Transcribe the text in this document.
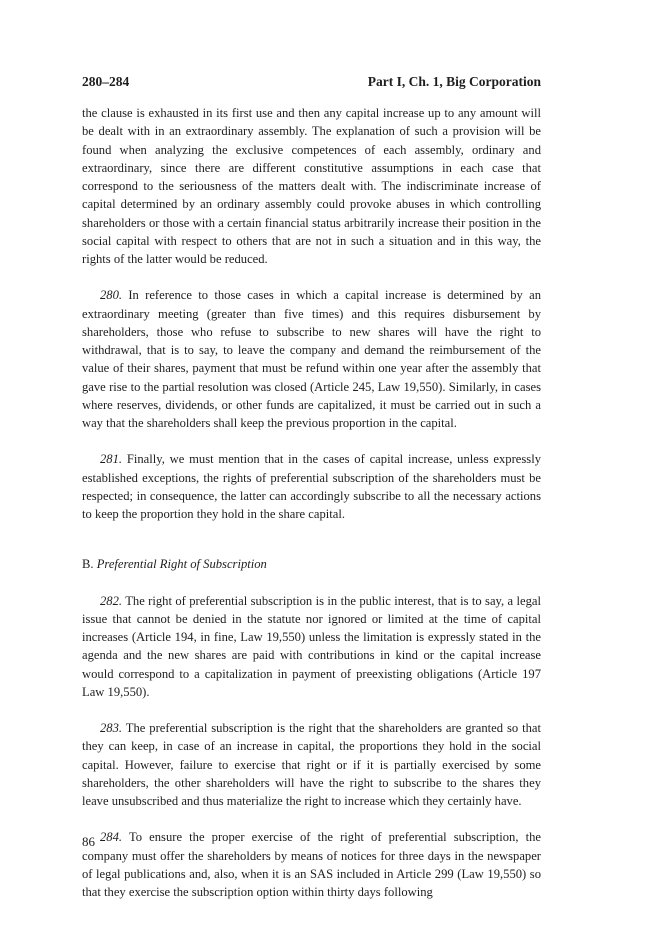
280–284	Part I, Ch. 1, Big Corporation

the clause is exhausted in its first use and then any capital increase up to any amount will be dealt with in an extraordinary assembly. The explanation of such a provision will be found when analyzing the exclusive competences of each assembly, ordinary and extraordinary, since there are different constitutive assumptions in each case that correspond to the seriousness of the matters dealt with. The indiscriminate increase of capital determined by an ordinary assembly could provoke abuses in which controlling shareholders or those with a certain financial status arbitrarily increase their position in the social capital with respect to others that are not in such a situation and in this way, the rights of the latter would be reduced.

280. In reference to those cases in which a capital increase is determined by an extraordinary meeting (greater than five times) and this requires disbursement by shareholders, those who refuse to subscribe to new shares will have the right to withdrawal, that is to say, to leave the company and demand the reimbursement of the value of their shares, payment that must be refund within one year after the assembly that gave rise to the partial resolution was closed (Article 245, Law 19,550). Similarly, in cases where reserves, dividends, or other funds are capitalized, it must be carried out in such a way that the shareholders shall keep the previous proportion in the capital.

281. Finally, we must mention that in the cases of capital increase, unless expressly established exceptions, the rights of preferential subscription of the shareholders must be respected; in consequence, the latter can accordingly subscribe to all the necessary actions to keep the proportion they hold in the share capital.

B. Preferential Right of Subscription

282. The right of preferential subscription is in the public interest, that is to say, a legal issue that cannot be denied in the statute nor ignored or limited at the time of capital increases (Article 194, in fine, Law 19,550) unless the limitation is expressly stated in the agenda and the new shares are paid with contributions in kind or the capital increase would correspond to a capitalization in payment of preexisting obligations (Article 197 Law 19,550).

283. The preferential subscription is the right that the shareholders are granted so that they can keep, in case of an increase in capital, the proportions they hold in the social capital. However, failure to exercise that right or if it is partially exercised by some shareholders, the other shareholders will have the right to subscribe to the shares they leave unsubscribed and thus materialize the right to increase which they certainly have.

284. To ensure the proper exercise of the right of preferential subscription, the company must offer the shareholders by means of notices for three days in the newspaper of legal publications and, also, when it is an SAS included in Article 299 (Law 19,550) so that they exercise the subscription option within thirty days following

86
